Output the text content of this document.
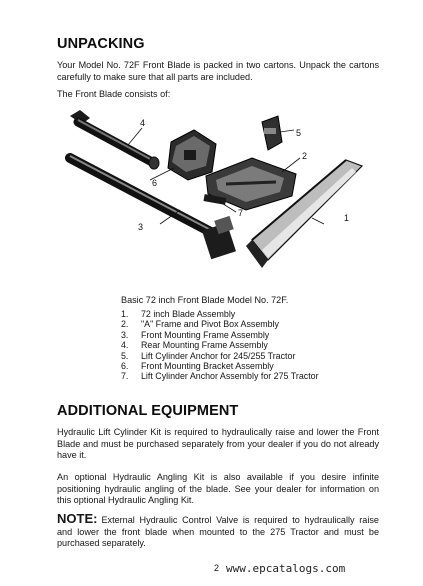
UNPACKING

Your Model No. 72F Front Blade is packed in two cartons. Unpack the cartons carefully to make sure that all parts are included.

The Front Blade consists of:

1
2
3
4
5
6
7

Basic 72 inch Front Blade Model No. 72F.

1.	72 inch Blade Assembly
2.	"A" Frame and Pivot Box Assembly
3.	Front Mounting Frame Assembly
4.	Rear Mounting Frame Assembly
5.	Lift Cylinder Anchor for 245/255 Tractor
6.	Front Mounting Bracket Assembly
7.	Lift Cylinder Anchor Assembly for 275 Tractor
ADDITIONAL EQUIPMENT

Hydraulic Lift Cylinder Kit is required to hydraulically raise and lower the Front Blade and must be purchased separately from your dealer if you do not already have it.

An optional Hydraulic Angling Kit is also available if you desire infinite positioning hydraulic angling of the blade. See your dealer for information on this optional Hydraulic Angling Kit.

NOTE: External Hydraulic Control Valve is required to hydraulically raise and lower the front blade when mounted to the 275 Tractor and must be purchased separately.

2 www.epcatalogs.com
